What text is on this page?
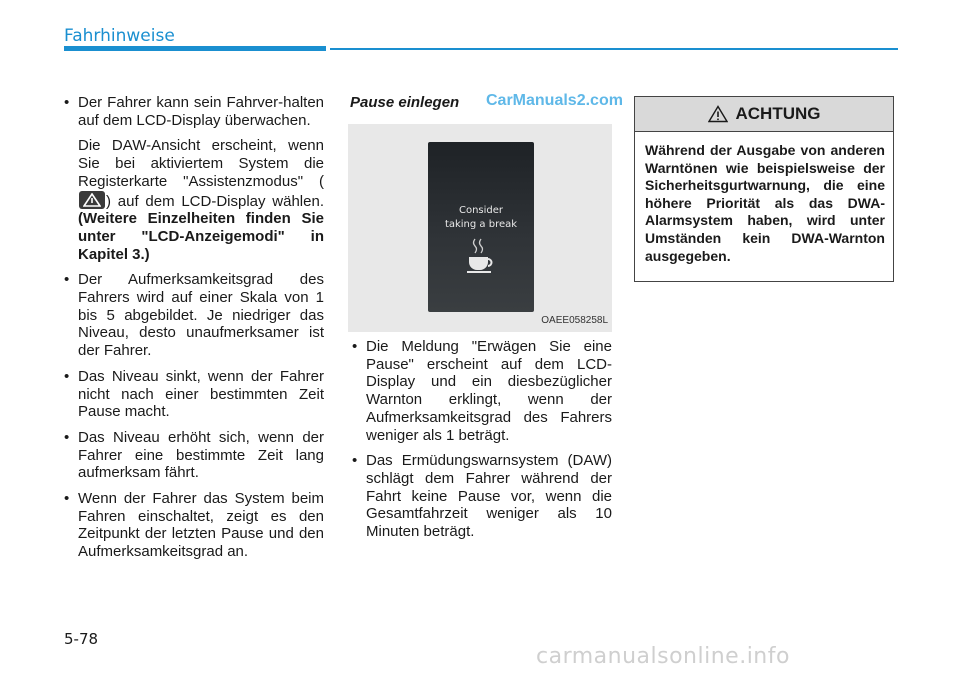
Fahrhinweise
• Der Fahrer kann sein Fahrver-halten auf dem LCD-Display überwachen.
Die DAW-Ansicht erscheint, wenn Sie bei aktiviertem System die Registerkarte "Assistenzmodus" (
) auf dem LCD-Display wählen. (Weitere Einzelheiten finden Sie unter "LCD-Anzeigemodi" in Kapitel 3.)
• Der Aufmerksamkeitsgrad des Fahrers wird auf einer Skala von 1 bis 5 abgebildet. Je niedriger das Niveau, desto unaufmerksamer ist der Fahrer.
• Das Niveau sinkt, wenn der Fahrer nicht nach einer bestimmten Zeit Pause macht.
• Das Niveau erhöht sich, wenn der Fahrer eine bestimmte Zeit lang aufmerksam fährt.
• Wenn der Fahrer das System beim Fahren einschaltet, zeigt es den Zeitpunkt der letzten Pause und den Aufmerksamkeitsgrad an.
Pause einlegen CarManuals2.com
Consider
taking a break
OAEE058258L
• Die Meldung "Erwägen Sie eine Pause" erscheint auf dem LCD-Display und ein diesbezüglicher Warnton erklingt, wenn der Aufmerksamkeitsgrad des Fahrers weniger als 1 beträgt.
• Das Ermüdungswarnsystem (DAW) schlägt dem Fahrer während der Fahrt keine Pause vor, wenn die Gesamtfahrzeit weniger als 10 Minuten beträgt.
ACHTUNG
Während der Ausgabe von anderen Warntönen wie beispielsweise der Sicherheitsgurtwarnung, die eine höhere Priorität als das DWA-Alarmsystem haben, wird unter Umständen kein DWA-Warnton ausgegeben.
5-78
carmanualsonline.info
